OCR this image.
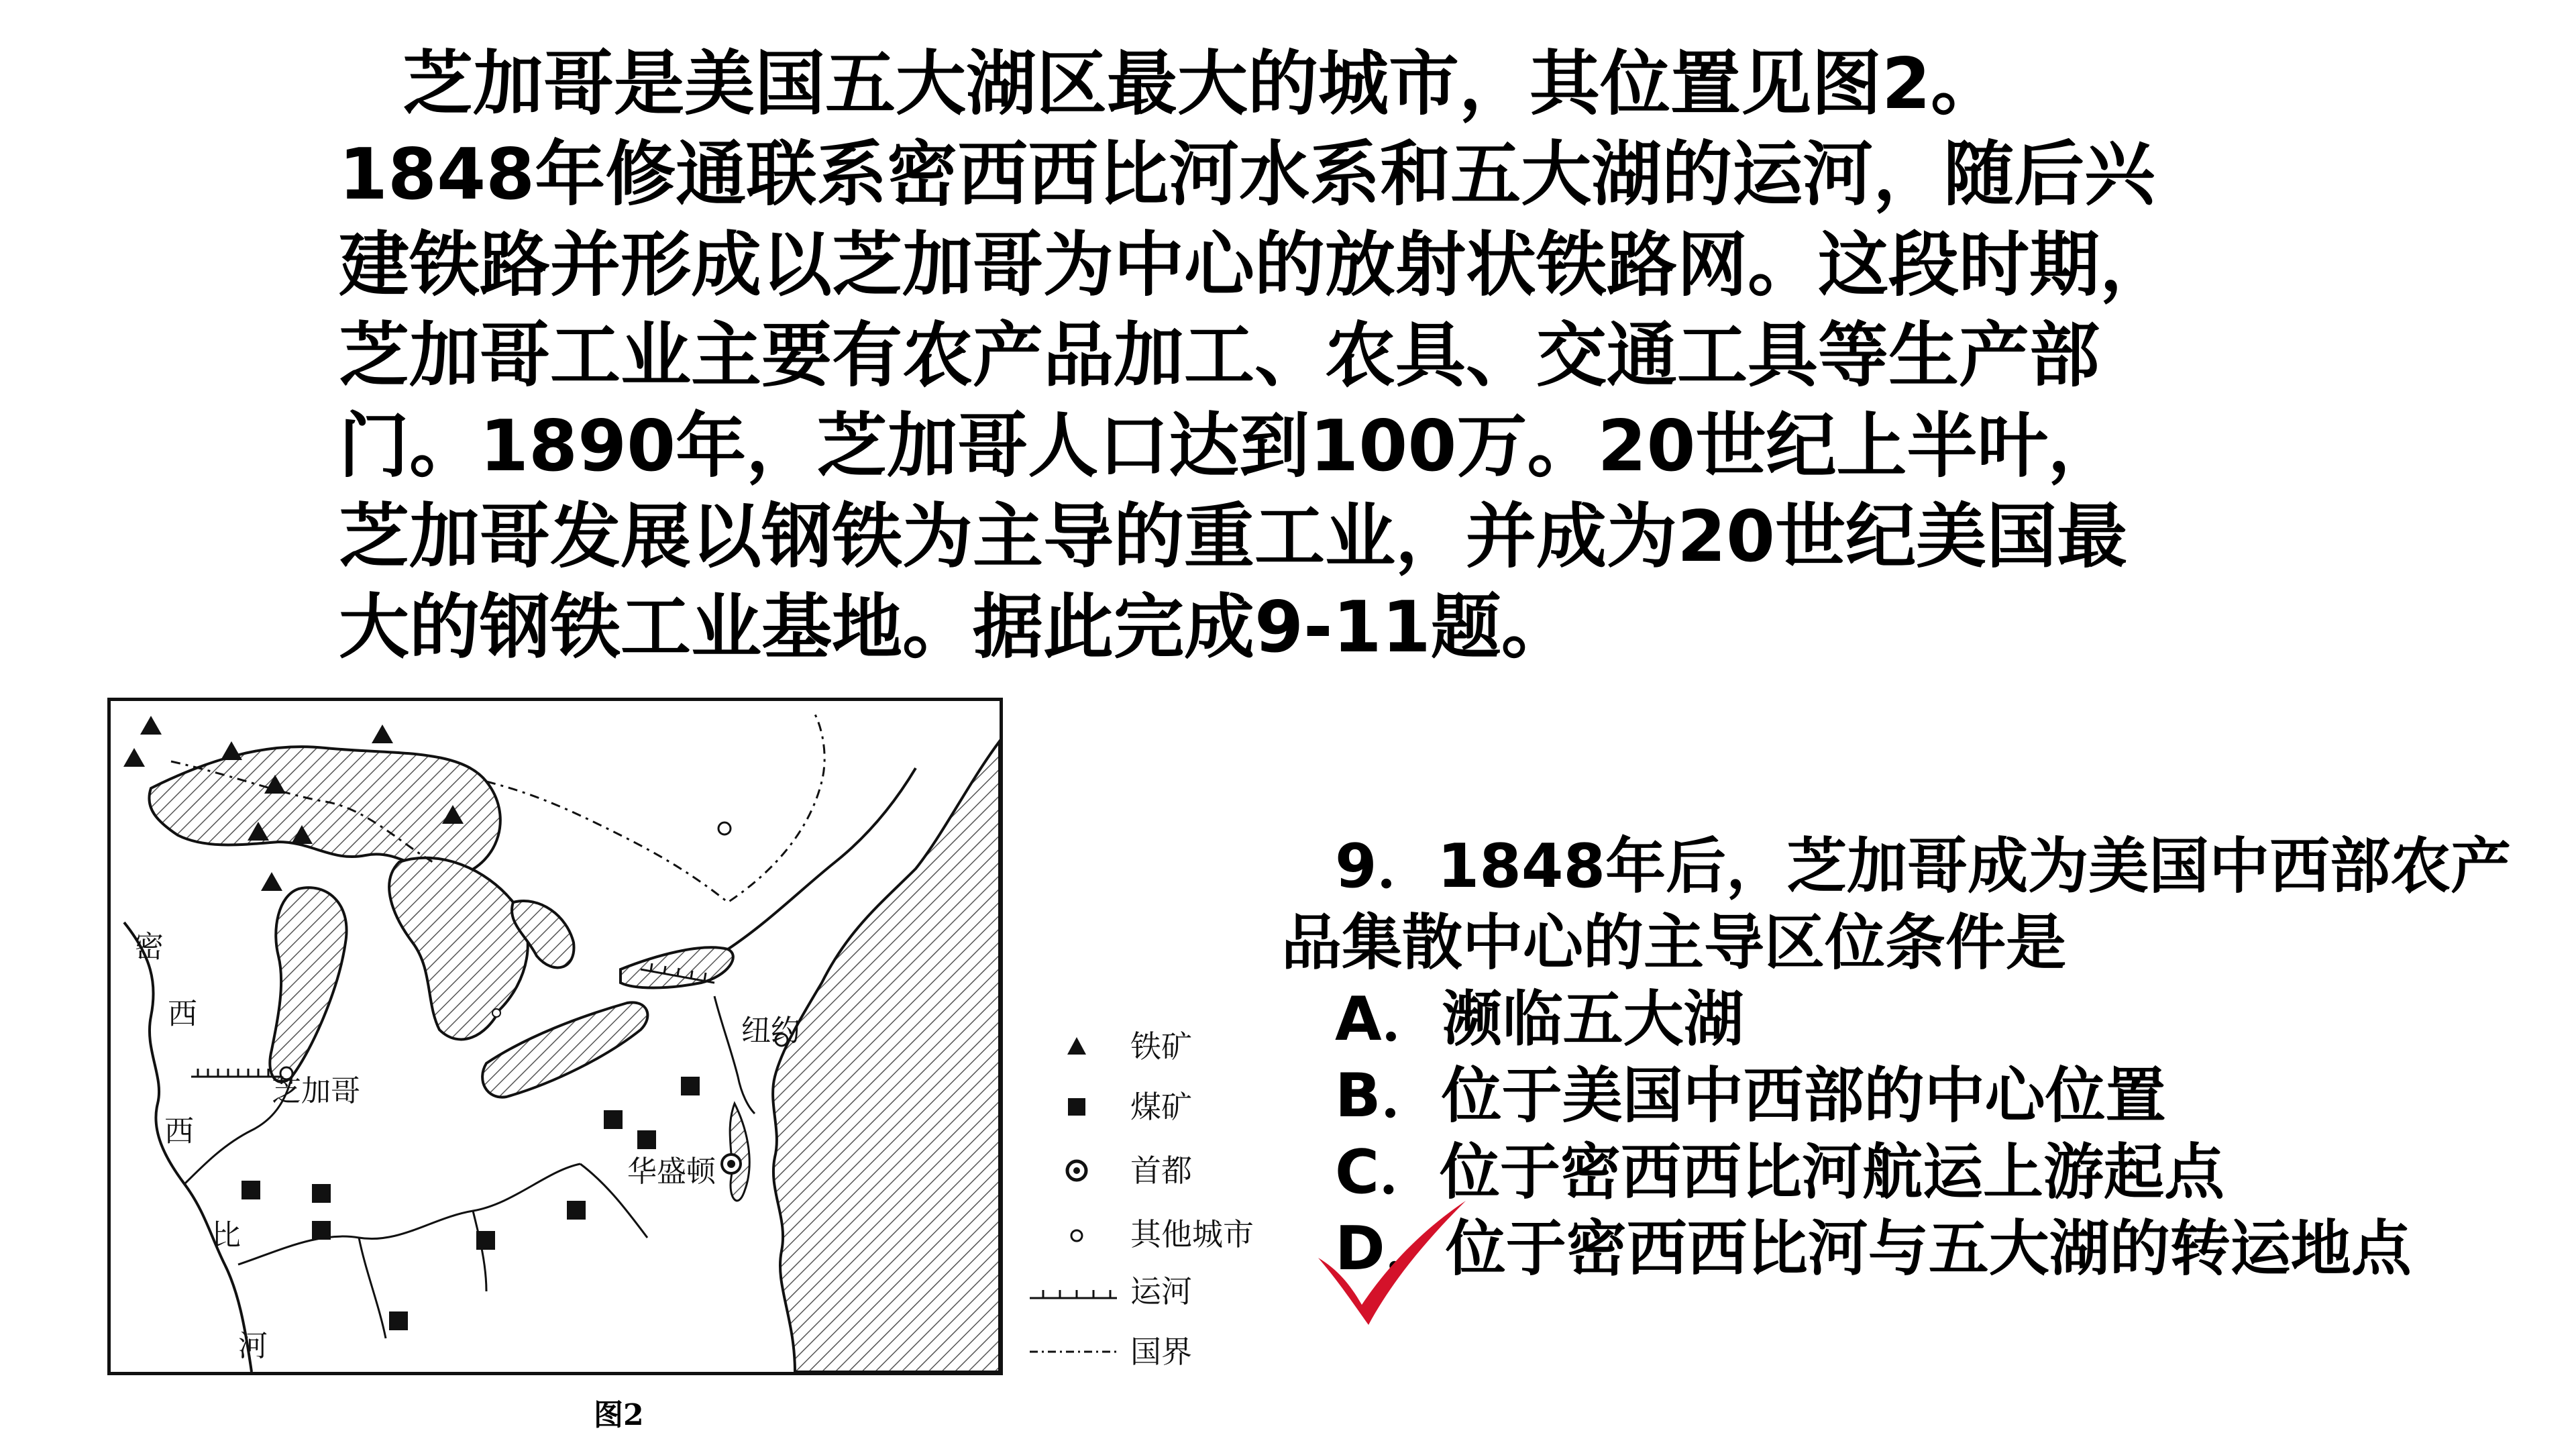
芝加哥是美国五大湖区最大的城市，其位置见图2。
1848年修通联系密西西比河水系和五大湖的运河，随后兴
建铁路并形成以芝加哥为中心的放射状铁路网。这段时期，
芝加哥工业主要有农产品加工、农具、交通工具等生产部
门。1890年，芝加哥人口达到100万。20世纪上半叶，
芝加哥发展以钢铁为主导的重工业，并成为20世纪美国最
大的钢铁工业基地。据此完成9-11题。
密
西
西
比
河
芝加哥
纽约
华盛顿
图2
铁矿
煤矿
首都
其他城市
运河
国界
9．1848年后，芝加哥成为美国中西部农产
品集散中心的主导区位条件是
A．濒临五大湖
B．位于美国中西部的中心位置
C．位于密西西比河航运上游起点
D．位于密西西比河与五大湖的转运地点
